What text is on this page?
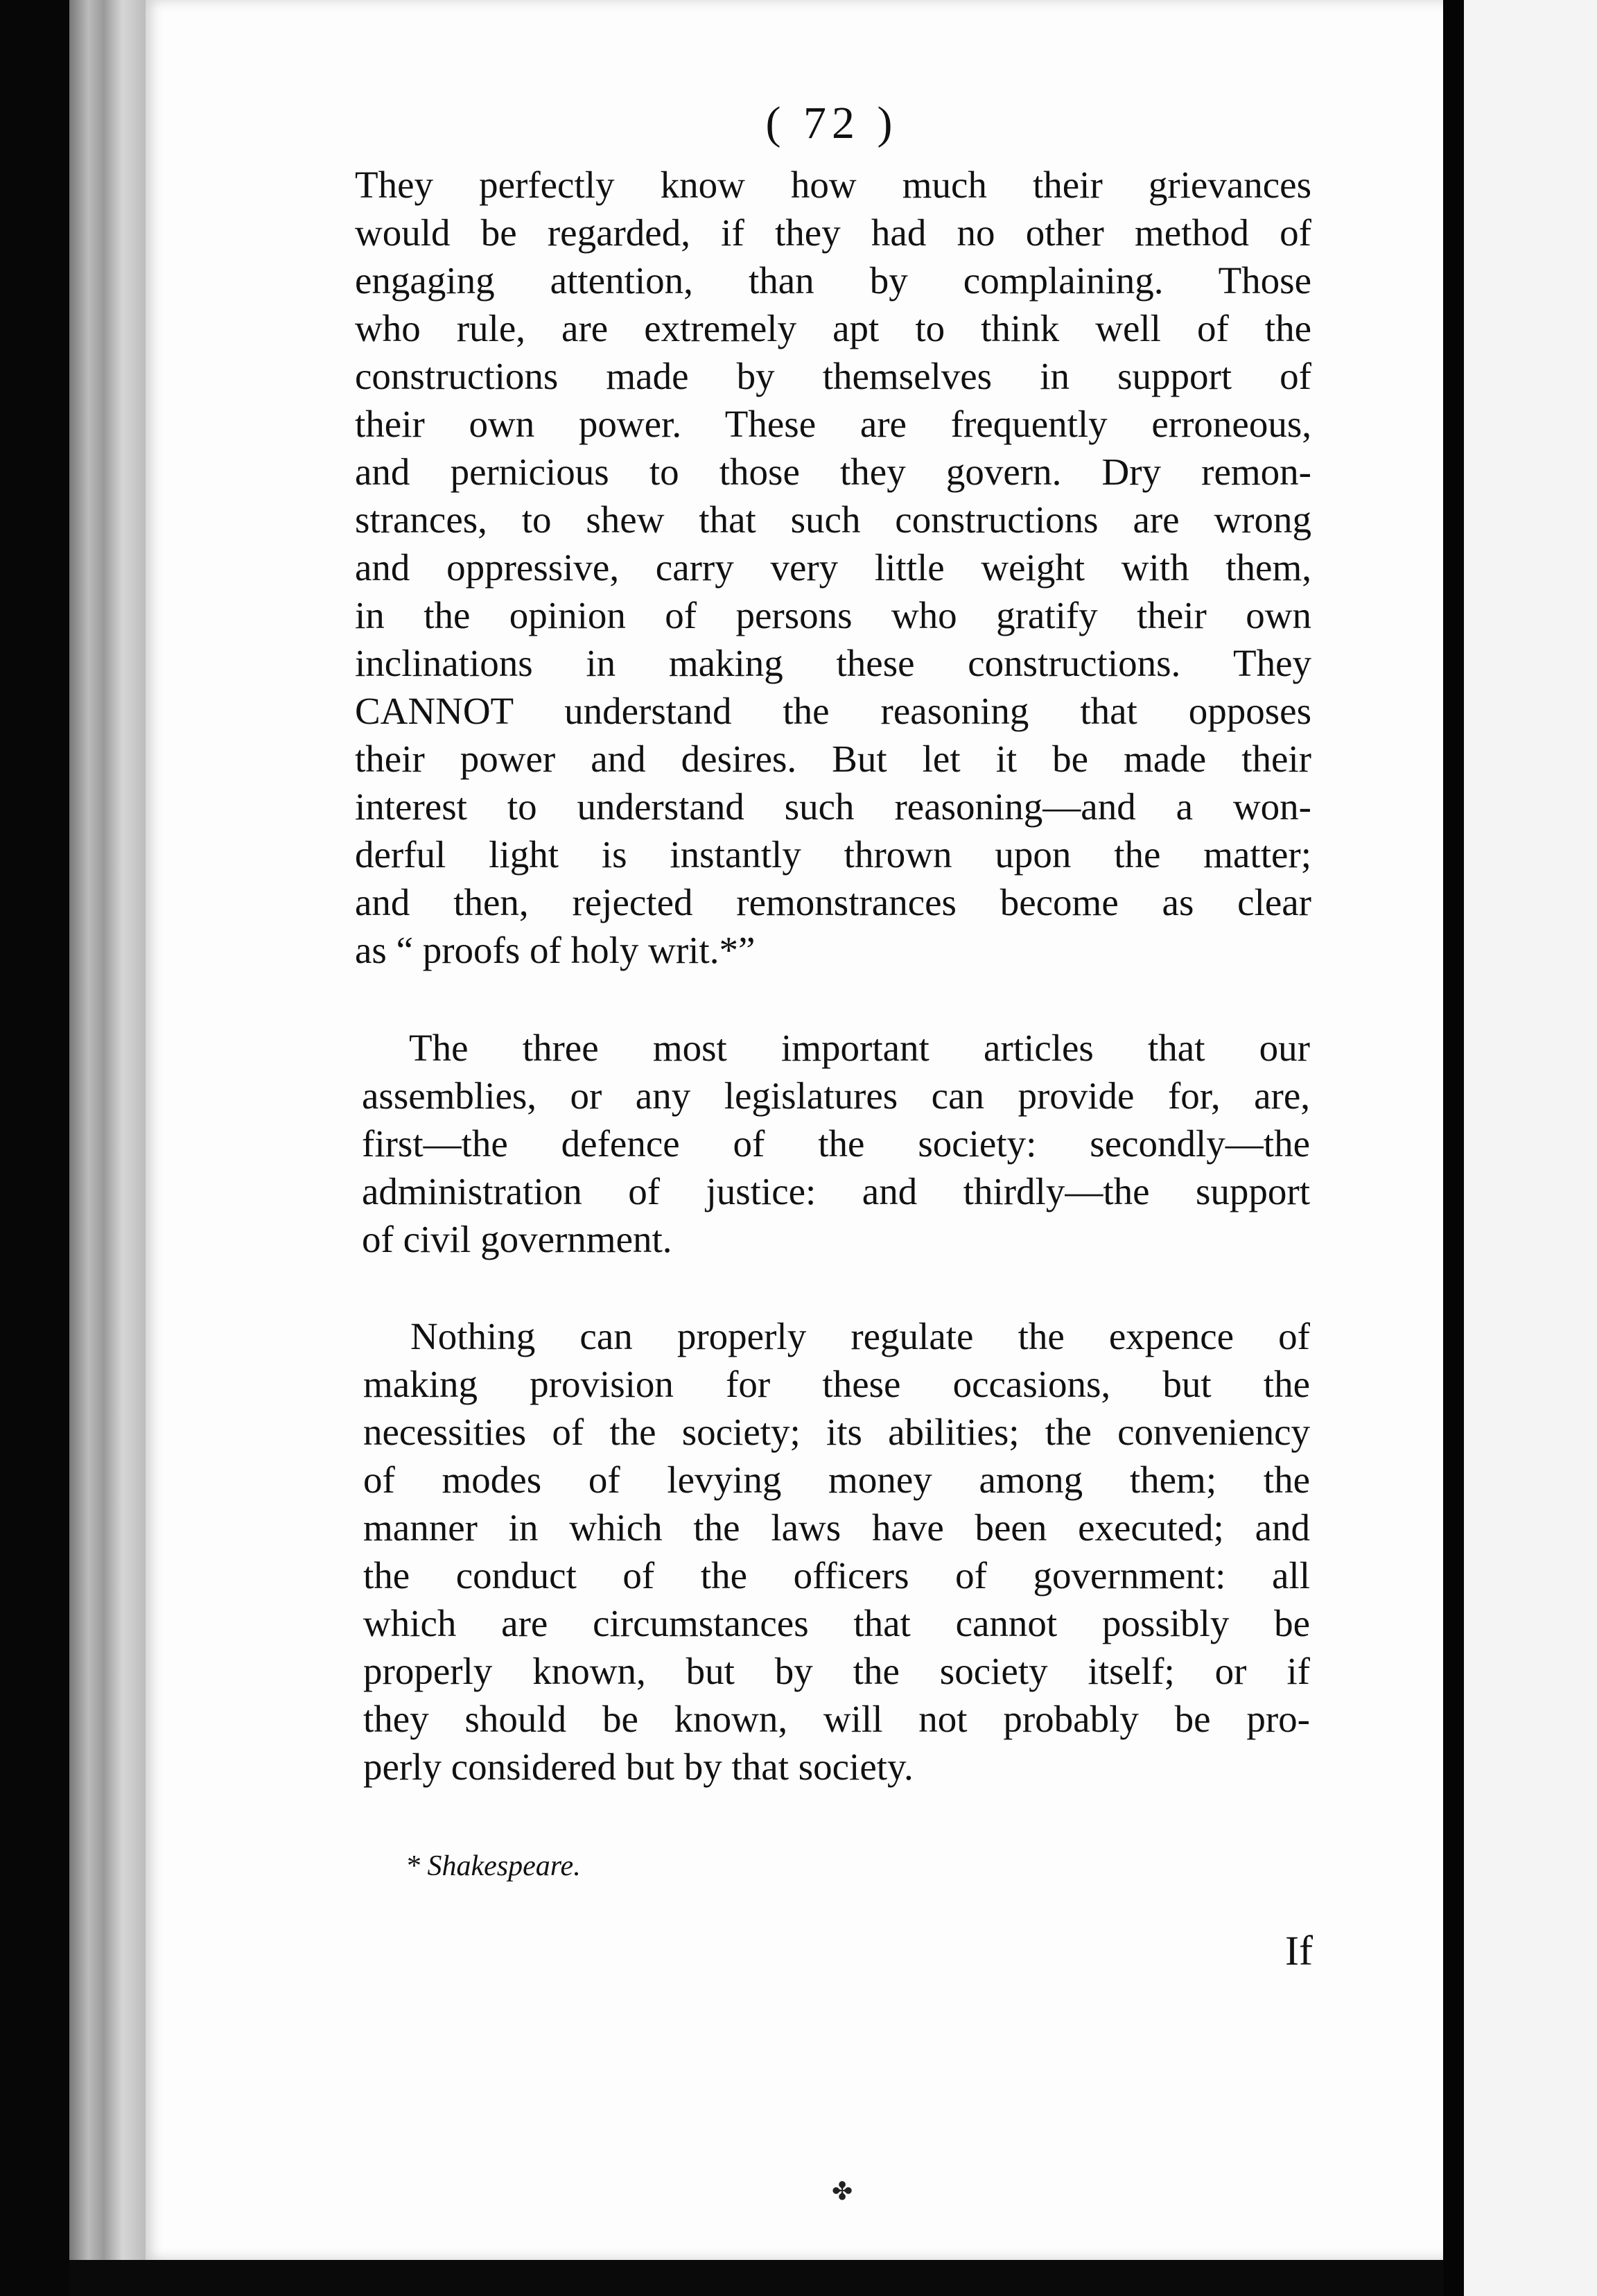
( 72 )
They perfectly know how much their grievances
would be regarded, if they had no other method of
engaging attention, than by complaining. Those
who rule, are extremely apt to think well of the
constructions made by themselves in support of
their own power. These are frequently erroneous,
and pernicious to those they govern. Dry remon-
strances, to shew that such constructions are wrong
and oppressive, carry very little weight with them,
in the opinion of persons who gratify their own
inclinations in making these constructions. They
CANNOT understand the reasoning that opposes
their power and desires. But let it be made their
interest to understand such reasoning—and a won-
derful light is instantly thrown upon the matter;
and then, rejected remonstrances become as clear
as “ proofs of holy writ.*”
The three most important articles that our
assemblies, or any legislatures can provide for, are,
first—the defence of the society: secondly—the
administration of justice: and thirdly—the support
of civil government.
Nothing can properly regulate the expence of
making provision for these occasions, but the
necessities of the society; its abilities; the conveniency
of modes of levying money among them; the
manner in which the laws have been executed; and
the conduct of the officers of government: all
which are circumstances that cannot possibly be
properly known, but by the society itself; or if
they should be known, will not probably be pro-
perly considered but by that society.
* Shakespeare.
If
✤
